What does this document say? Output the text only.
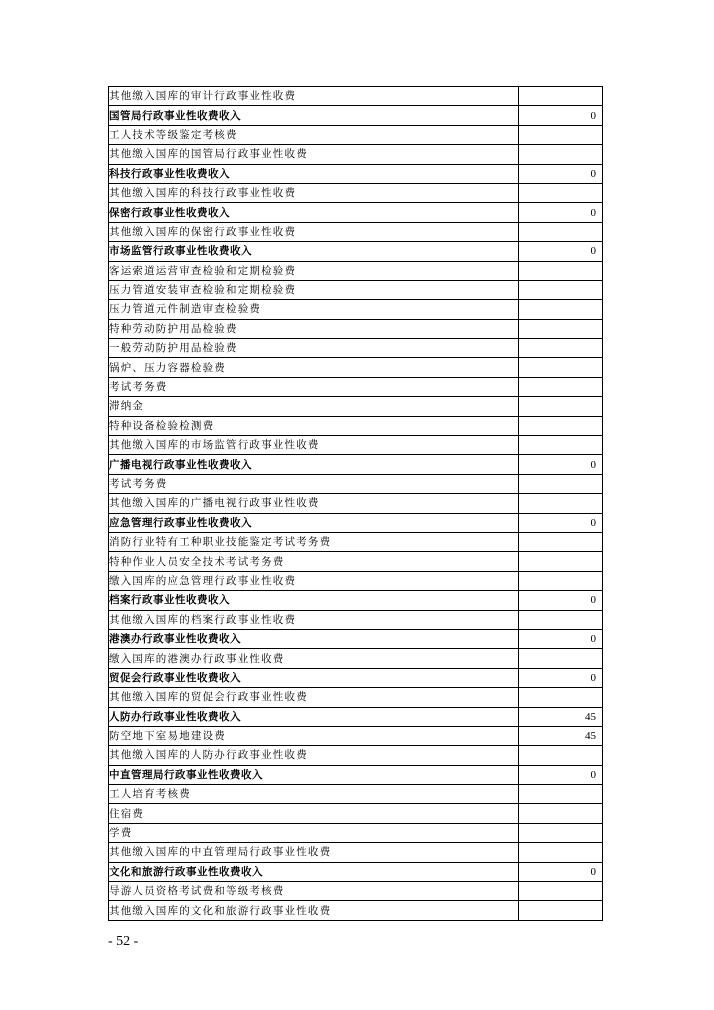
其他缴入国库的审计行政事业性收费	
国管局行政事业性收费收入	0
工人技术等级鉴定考核费	
其他缴入国库的国管局行政事业性收费	
科技行政事业性收费收入	0
其他缴入国库的科技行政事业性收费	
保密行政事业性收费收入	0
其他缴入国库的保密行政事业性收费	
市场监管行政事业性收费收入	0
客运索道运营审查检验和定期检验费	
压力管道安装审查检验和定期检验费	
压力管道元件制造审查检验费	
特种劳动防护用品检验费	
一般劳动防护用品检验费	
锅炉、压力容器检验费	
考试考务费	
滞纳金	
特种设备检验检测费	
其他缴入国库的市场监管行政事业性收费	
广播电视行政事业性收费收入	0
考试考务费	
其他缴入国库的广播电视行政事业性收费	
应急管理行政事业性收费收入	0
消防行业特有工种职业技能鉴定考试考务费	
特种作业人员安全技术考试考务费	
缴入国库的应急管理行政事业性收费	
档案行政事业性收费收入	0
其他缴入国库的档案行政事业性收费	
港澳办行政事业性收费收入	0
缴入国库的港澳办行政事业性收费	
贸促会行政事业性收费收入	0
其他缴入国库的贸促会行政事业性收费	
人防办行政事业性收费收入	45
防空地下室易地建设费	45
其他缴入国库的人防办行政事业性收费	
中直管理局行政事业性收费收入	0
工人培育考核费	
住宿费	
学费	
其他缴入国库的中直管理局行政事业性收费	
文化和旅游行政事业性收费收入	0
导游人员资格考试费和等级考核费	
其他缴入国库的文化和旅游行政事业性收费	
- 52 -
